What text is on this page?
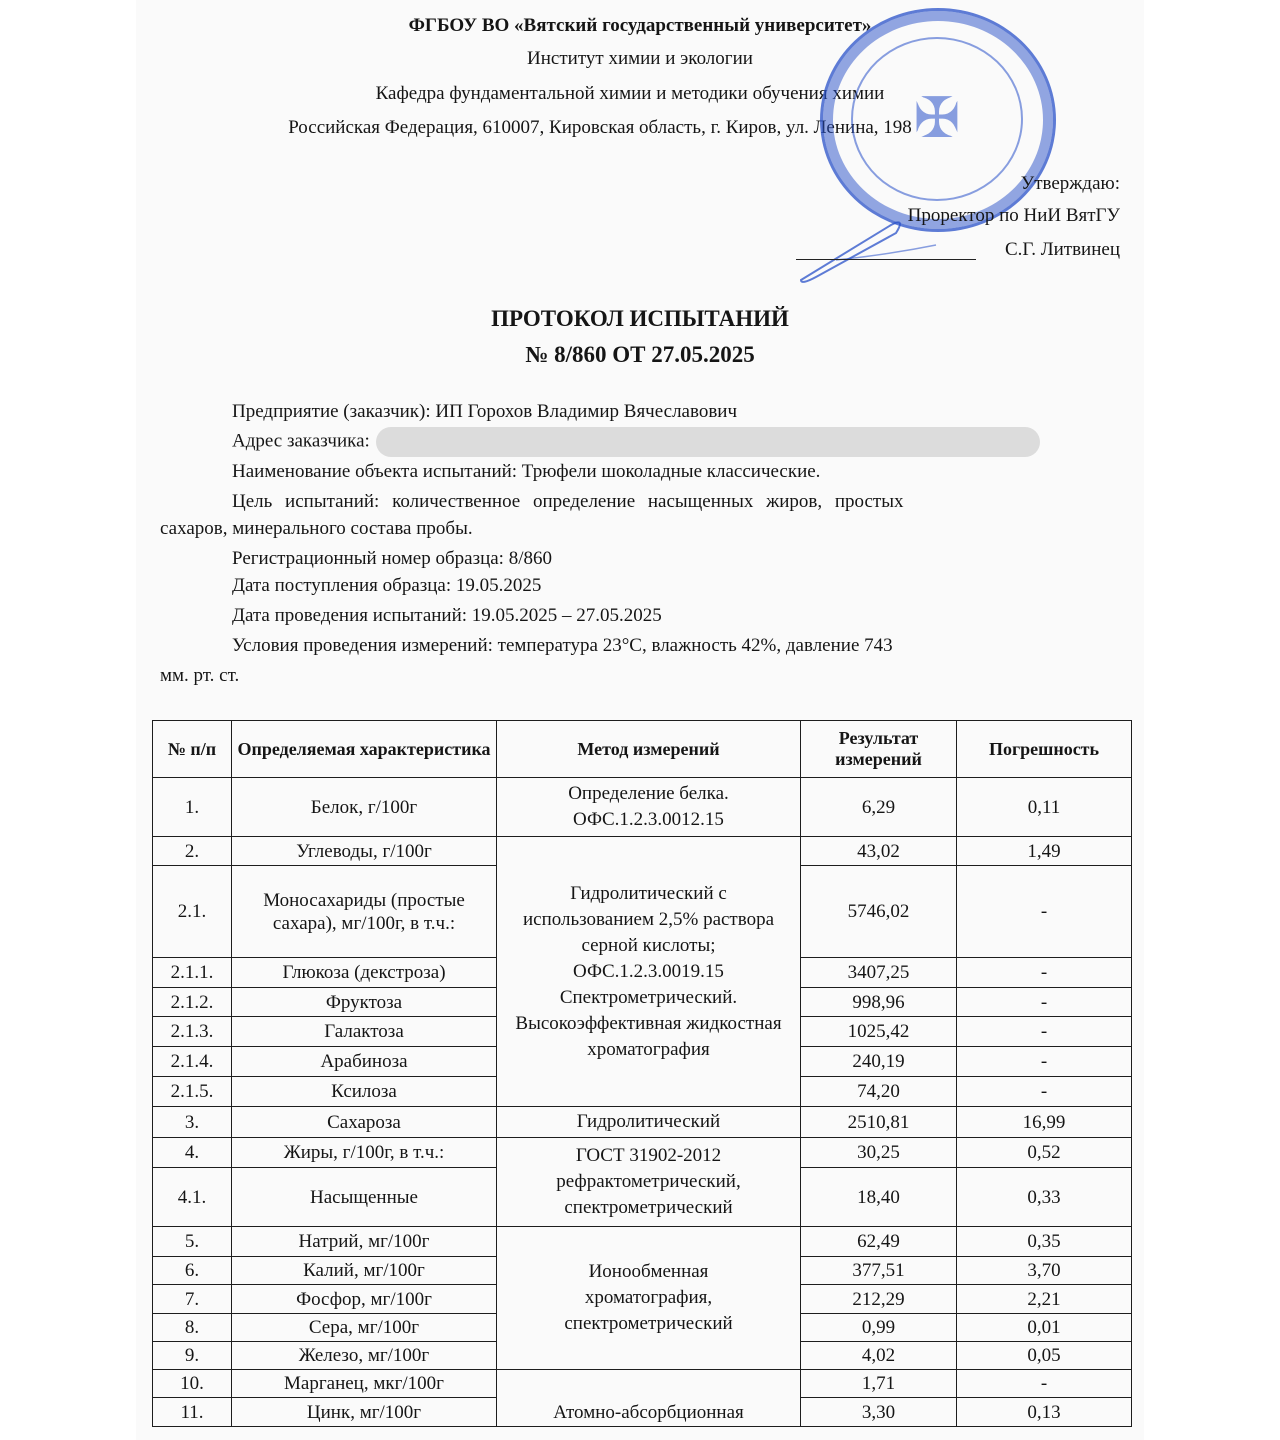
ФГБОУ ВО «Вятский государственный университет»
Институт химии и экологии
Кафедра фундаментальной химии и методики обучения химии
Российская Федерация, 610007, Кировская область, г. Киров, ул. Ленина, 198 ✠
Утверждаю:
Проректор по НиИ ВятГУ
С.Г. Литвинец
ПРОТОКОЛ ИСПЫТАНИЙ
№ 8/860 ОТ 27.05.2025
Предприятие (заказчик): ИП Горохов Владимир Вячеславович
Адрес заказчика:
Наименование объекта испытаний: Трюфели шоколадные классические.
Цель испытаний: количественное определение насыщенных жиров, простых
сахаров, минерального состава пробы.
Регистрационный номер образца: 8/860
Дата поступления образца: 19.05.2025
Дата проведения испытаний: 19.05.2025 – 27.05.2025
Условия проведения измерений: температура 23°С, влажность 42%, давление 743
мм. рт. ст.
№ п/п	Определяемая характеристика	Метод измерений	Результат измерений	Погрешность
1.	Белок, г/100г	Определение белка. ОФС.1.2.3.0012.15	6,29	0,11
2.	Углеводы, г/100г	Гидролитический с использованием 2,5% раствора серной кислоты; ОФС.1.2.3.0019.15 Спектрометрический. Высокоэффективная жидкостная хроматография	43,02	1,49
2.1.	Моносахариды (простые сахара), мг/100г, в т.ч.:		5746,02	-
2.1.1.	Глюкоза (декстроза)		3407,25	-
2.1.2.	Фруктоза		998,96	-
2.1.3.	Галактоза		1025,42	-
2.1.4.	Арабиноза		240,19	-
2.1.5.	Ксилоза		74,20	-
3.	Сахароза	Гидролитический	2510,81	16,99
4.	Жиры, г/100г, в т.ч.:	ГОСТ 31902-2012 рефрактометрический, спектрометрический	30,25	0,52
4.1.	Насыщенные		18,40	0,33
5.	Натрий, мг/100г	Ионообменная хроматография, спектрометрический	62,49	0,35
6.	Калий, мг/100г		377,51	3,70
7.	Фосфор, мг/100г		212,29	2,21
8.	Сера, мг/100г		0,99	0,01
9.	Железо, мг/100г		4,02	0,05
10.	Марганец, мкг/100г	Атомно-абсорбционная	1,71	-
11.	Цинк, мг/100г		3,30	0,13
